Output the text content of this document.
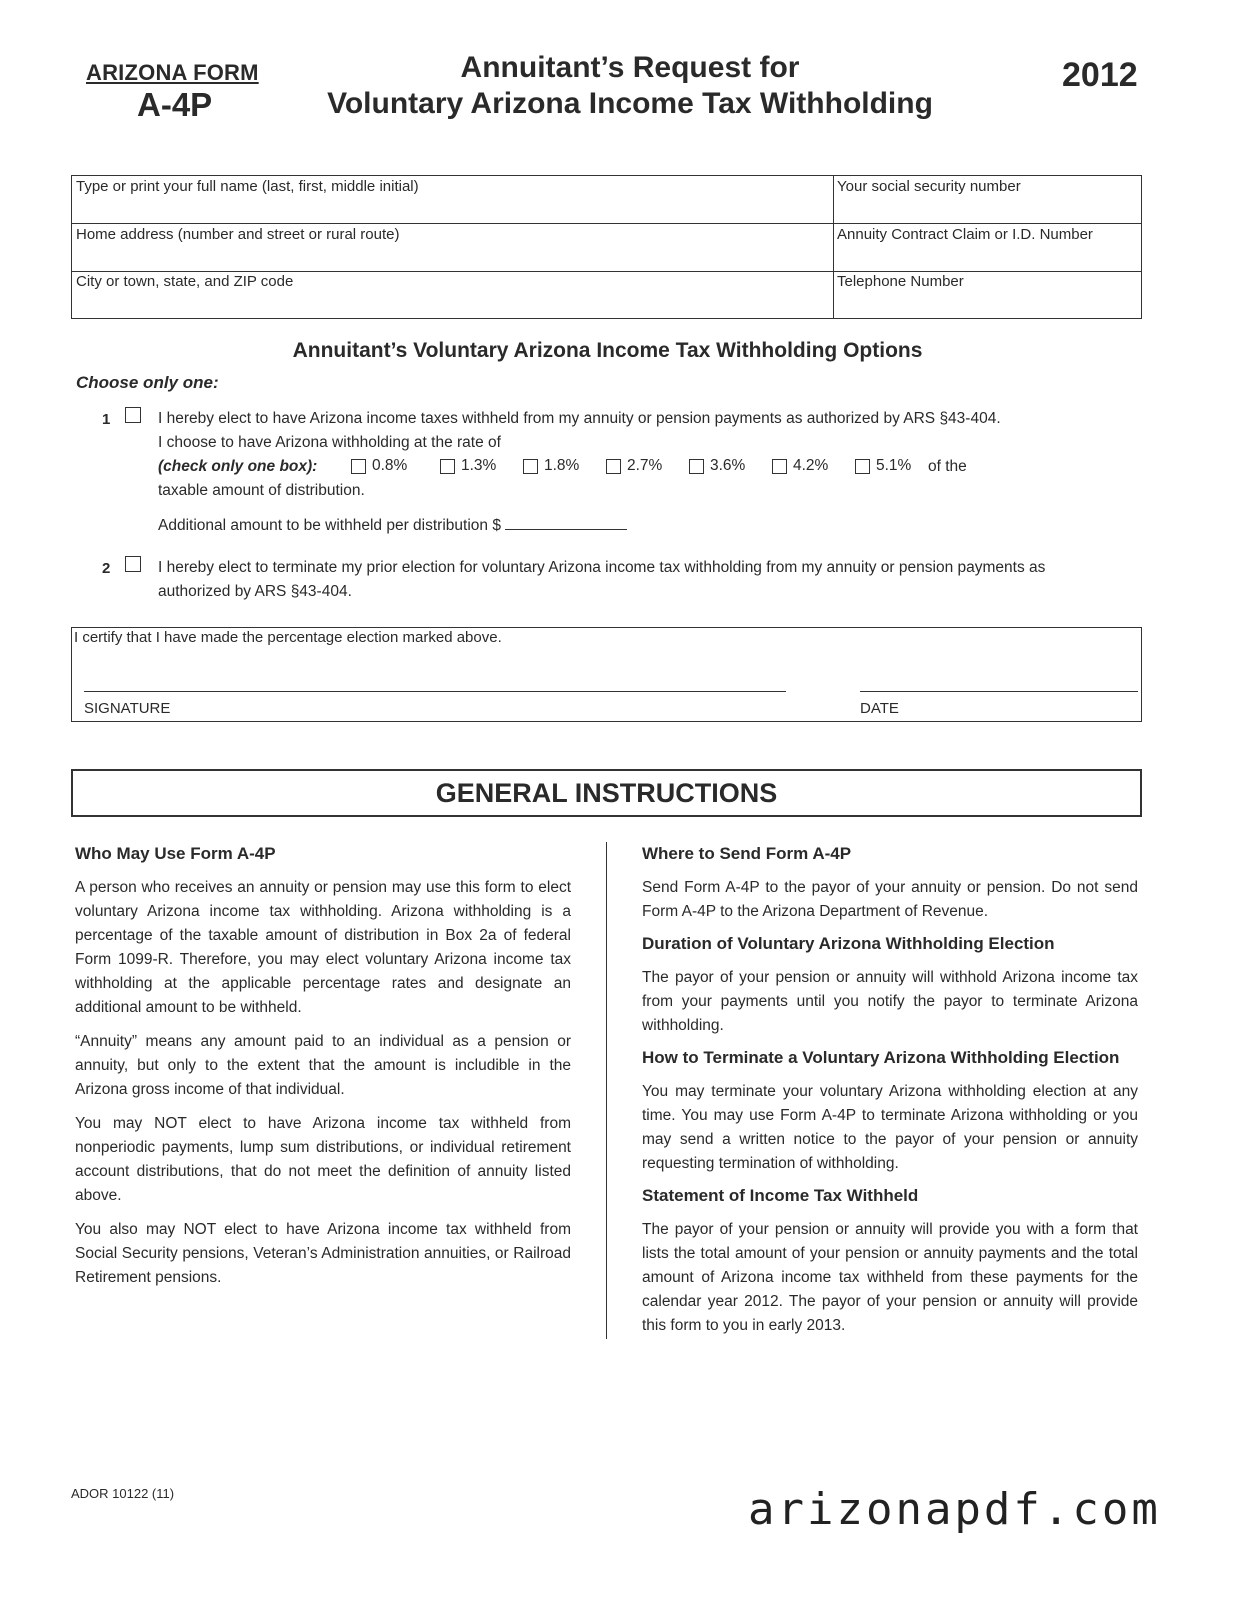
ARIZONA FORM
A-4P
Annuitant’s Request for
Voluntary Arizona Income Tax Withholding
2012
Type or print your full name (last, first, middle initial)	Your social security number
Home address (number and street or rural route)	Annuity Contract Claim or I.D. Number
City or town, state, and ZIP code	Telephone Number
Annuitant’s Voluntary Arizona Income Tax Withholding Options
Choose only one:
1	I hereby elect to have Arizona income taxes withheld from my annuity or pension payments as authorized by ARS §43-404.
I choose to have Arizona withholding at the rate of
(check only one box):	0.8%	1.3%	1.8%	2.7%	3.6%	4.2%	5.1% of the
taxable amount of distribution.
Additional amount to be withheld per distribution $
2	I hereby elect to terminate my prior election for voluntary Arizona income tax withholding from my annuity or pension payments as
authorized by ARS §43-404.
I certify that I have made the percentage election marked above.
SIGNATURE	DATE
GENERAL INSTRUCTIONS
Who May Use Form A-4P

A person who receives an annuity or pension may use this form to elect voluntary Arizona income tax withholding. Arizona withholding is a percentage of the taxable amount of distribution in Box 2a of federal Form 1099-R. Therefore, you may elect voluntary Arizona income tax withholding at the applicable percentage rates and designate an additional amount to be withheld.

“Annuity” means any amount paid to an individual as a pension or annuity, but only to the extent that the amount is includible in the Arizona gross income of that individual.

You may NOT elect to have Arizona income tax withheld from nonperiodic payments, lump sum distributions, or individual retirement account distributions, that do not meet the definition of annuity listed above.

You also may NOT elect to have Arizona income tax withheld from Social Security pensions, Veteran’s Administration annuities, or Railroad Retirement pensions.

Where to Send Form A-4P

Send Form A-4P to the payor of your annuity or pension. Do not send Form A-4P to the Arizona Department of Revenue.

Duration of Voluntary Arizona Withholding Election

The payor of your pension or annuity will withhold Arizona income tax from your payments until you notify the payor to terminate Arizona withholding.

How to Terminate a Voluntary Arizona Withholding Election

You may terminate your voluntary Arizona withholding election at any time. You may use Form A-4P to terminate Arizona withholding or you may send a written notice to the payor of your pension or annuity requesting termination of withholding.

Statement of Income Tax Withheld

The payor of your pension or annuity will provide you with a form that lists the total amount of your pension or annuity payments and the total amount of Arizona income tax withheld from these payments for the calendar year 2012. The payor of your pension or annuity will provide this form to you in early 2013.

ADOR 10122 (11)	arizonapdf.com
